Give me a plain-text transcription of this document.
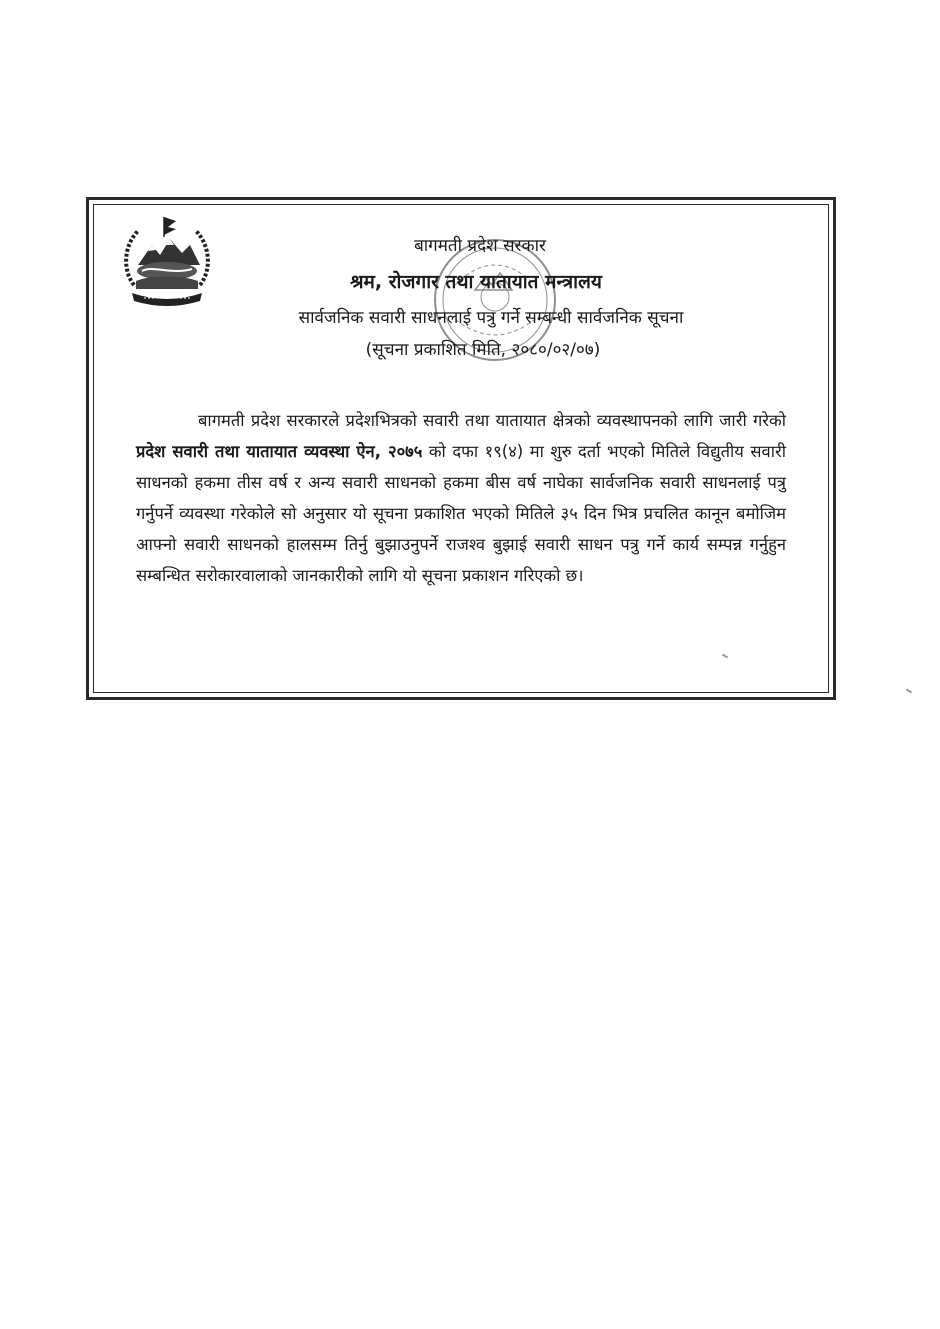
बागमती प्रदेश सरकार
श्रम, रोजगार तथा यातायात मन्त्रालय
सार्वजनिक सवारी साधनलाई पत्रु गर्ने सम्बन्धी सार्वजनिक सूचना
(सूचना प्रकाशित मिति, २०८०/०२/०७)

बागमती प्रदेश सरकारले प्रदेशभित्रको सवारी तथा यातायात क्षेत्रको व्यवस्थापनको लागि जारी गरेको प्रदेश सवारी तथा यातायात व्यवस्था ऐन, २०७५ को दफा १९(४) मा शुरु दर्ता भएको मितिले विद्युतीय सवारी साधनको हकमा तीस वर्ष र अन्य सवारी साधनको हकमा बीस वर्ष नाघेका सार्वजनिक सवारी साधनलाई पत्रु गर्नुपर्ने व्यवस्था गरेकोले सो अनुसार यो सूचना प्रकाशित भएको मितिले ३५ दिन भित्र प्रचलित कानून बमोजिम आफ्नो सवारी साधनको हालसम्म तिर्नु बुझाउनुपर्ने राजश्व बुझाई सवारी साधन पत्रु गर्ने कार्य सम्पन्न गर्नुहुन सम्बन्धित सरोकारवालाको जानकारीको लागि यो सूचना प्रकाशन गरिएको छ।
